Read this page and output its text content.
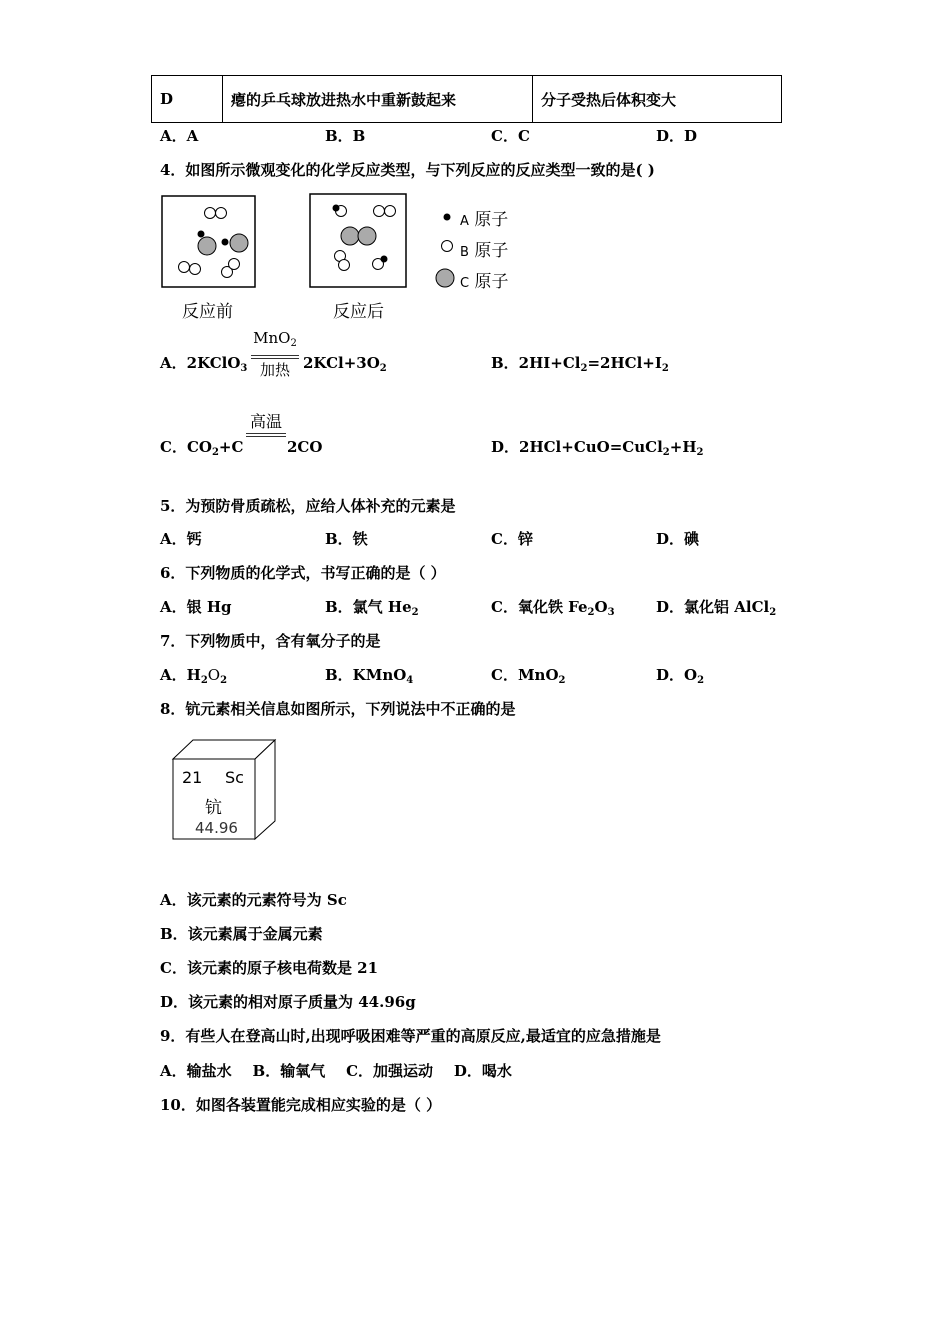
D	瘪的乒乓球放进热水中重新鼓起来	分子受热后体积变大
A．A	B．B	C．C	D．D
4．如图所示微观变化的化学反应类型，与下列反应的反应类型一致的是( )
A 原子
B 原子
C 原子
反应前	反应后
A．2KClO$_3$
MnO$_2$
加热 $2KCl+3O_2$	B．$2HI+Cl_2=2HCl+I_2$
C．$CO_2+C$
高温
2CO	D．$2HCl+CuO=CuCl_2+H_2$
5．为预防骨质疏松，应给人体补充的元素是
A．钙	B．铁	C．锌	D．碘
6．下列物质的化学式，书写正确的是（ ）
A．银 Hg	B．氯气 $He_2$	C．氧化铁 $Fe_2O_3$	D．氯化铝 AlCl$_2$
7．下列物质中，含有氧分子的是
A．$H_2O_2$	B．KMnO$_4$	C．MnO$_2$	D．$O_2$
8．钪元素相关信息如图所示，下列说法中不正确的是
21 Sc
钪
44.96
A．该元素的元素符号为 Sc
B．该元素属于金属元素
C．该元素的原子核电荷数是 21
D．该元素的相对原子质量为 44.96g
9．有些人在登高山时,出现呼吸困难等严重的高原反应,最适宜的应急措施是
A．输盐水    B．输氧气    C．加强运动    D．喝水
10．如图各装置能完成相应实验的是（ ）
